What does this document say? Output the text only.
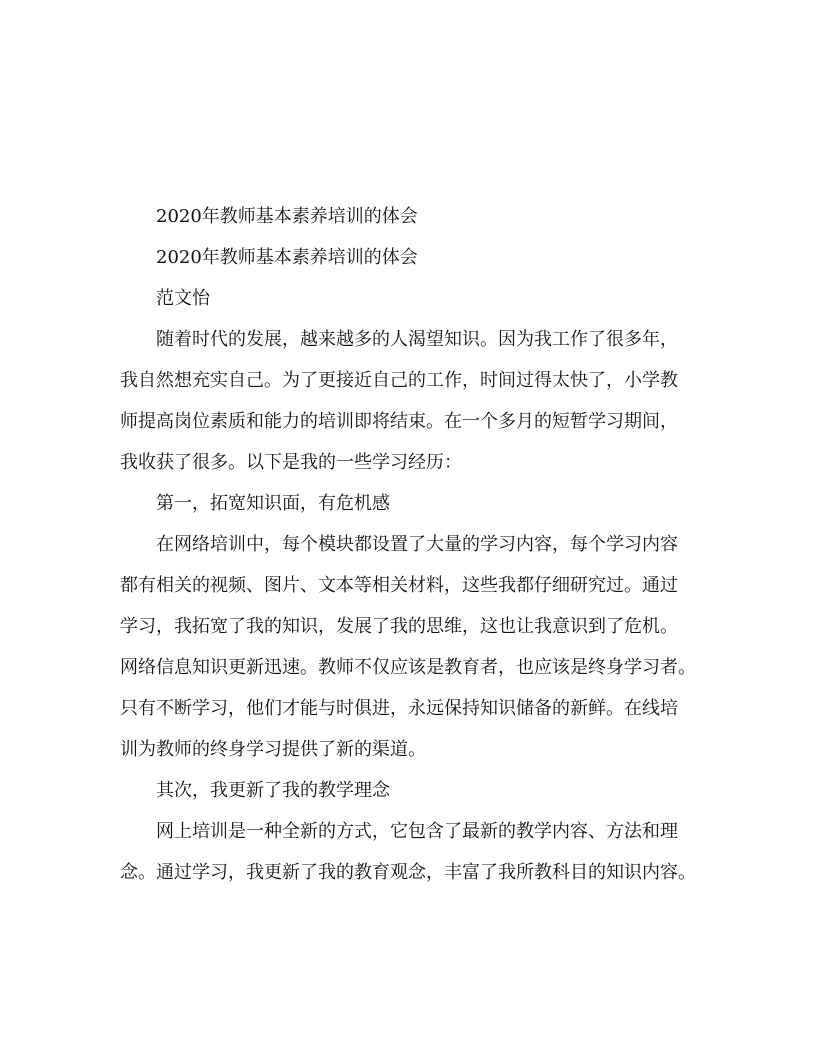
2020年教师基本素养培训的体会
2020年教师基本素养培训的体会
范文怡
随着时代的发展，越来越多的人渴望知识。因为我工作了很多年，
我自然想充实自己。为了更接近自己的工作，时间过得太快了，小学教
师提高岗位素质和能力的培训即将结束。在一个多月的短暂学习期间，
我收获了很多。以下是我的一些学习经历：
第一，拓宽知识面，有危机感
在网络培训中，每个模块都设置了大量的学习内容，每个学习内容
都有相关的视频、图片、文本等相关材料，这些我都仔细研究过。通过
学习，我拓宽了我的知识，发展了我的思维，这也让我意识到了危机。
网络信息知识更新迅速。教师不仅应该是教育者，也应该是终身学习者。
只有不断学习，他们才能与时俱进，永远保持知识储备的新鲜。在线培
训为教师的终身学习提供了新的渠道。
其次，我更新了我的教学理念
网上培训是一种全新的方式，它包含了最新的教学内容、方法和理
念。通过学习，我更新了我的教育观念，丰富了我所教科目的知识内容。
